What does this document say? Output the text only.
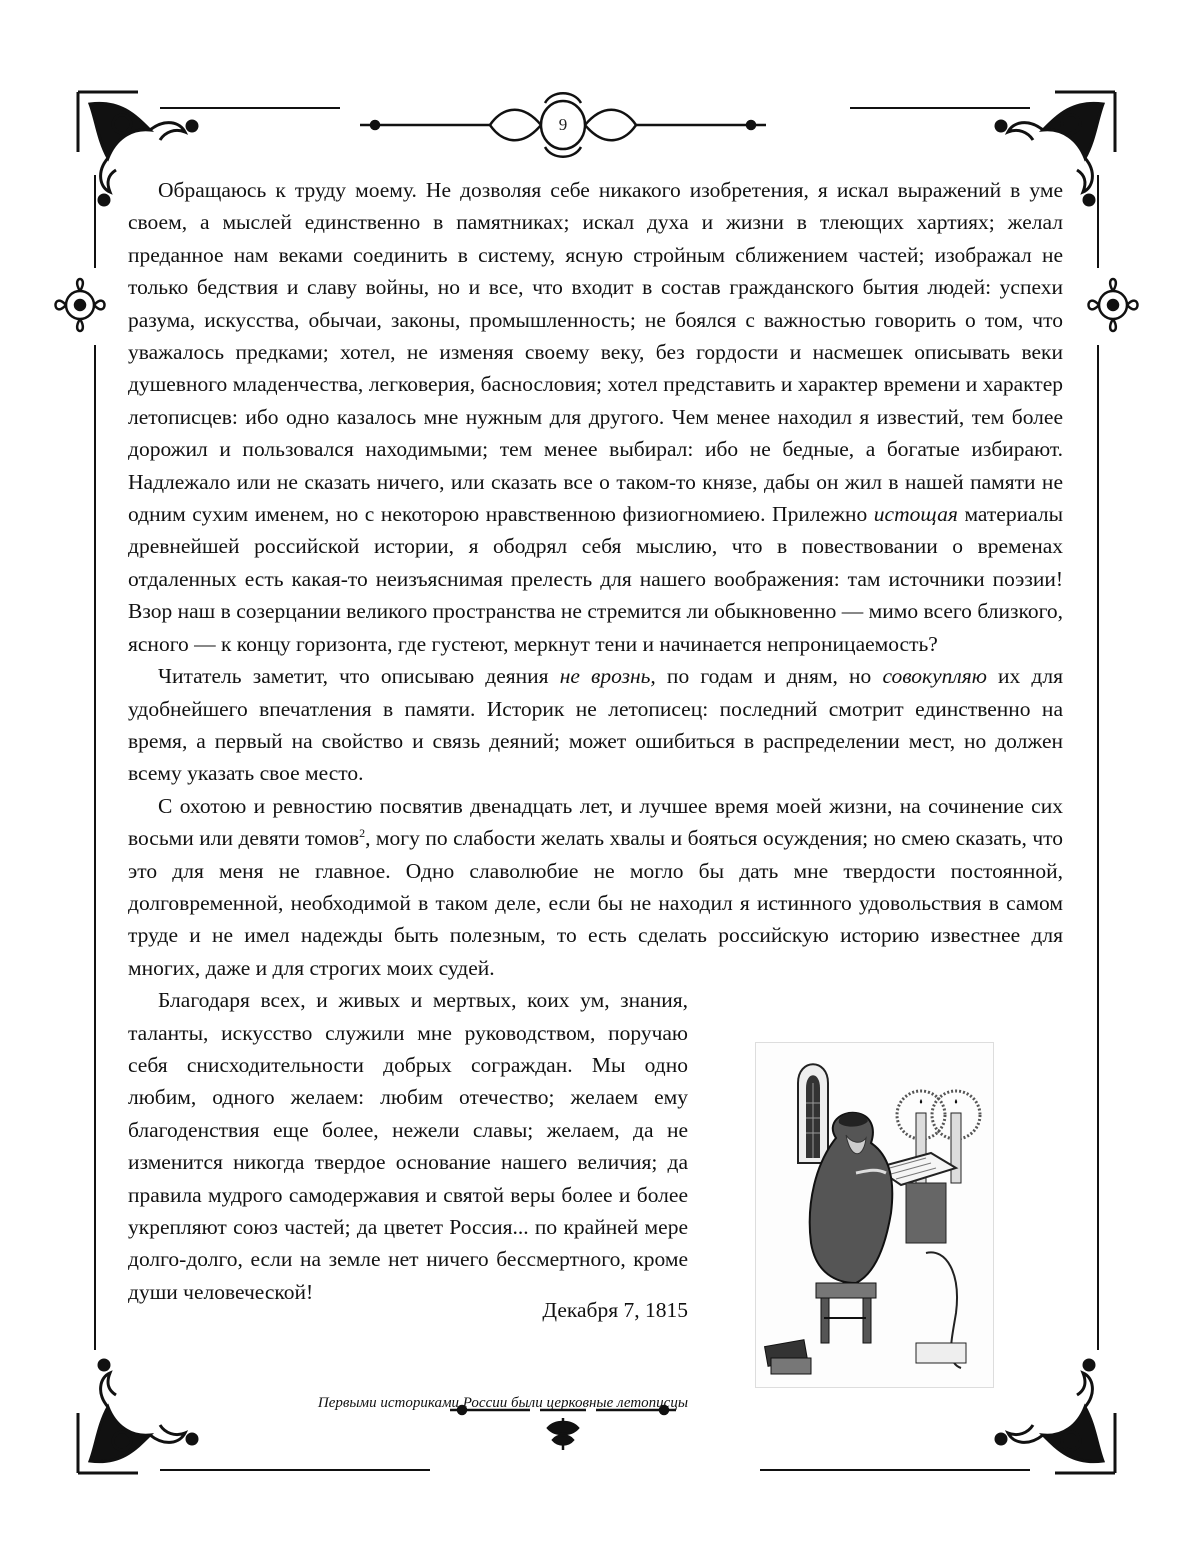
9

Обращаюсь к труду моему. Не дозволяя себе никакого изобретения, я искал выражений в уме своем, а мыслей единственно в памятниках; искал духа и жизни в тлеющих хартиях; желал преданное нам веками соединить в систему, ясную стройным сближением частей; изображал не только бедствия и славу войны, но и все, что входит в состав гражданского бытия людей: успехи разума, искусства, обычаи, законы, промышленность; не боялся с важностью говорить о том, что уважалось предками; хотел, не изменяя своему веку, без гордости и насмешек описывать веки душевного младенчества, легковерия, баснословия; хотел представить и характер времени и характер летописцев: ибо одно казалось мне нужным для другого. Чем менее находил я известий, тем более дорожил и пользовался находимыми; тем менее выбирал: ибо не бедные, а богатые избирают. Надлежало или не сказать ничего, или сказать все о таком-то князе, дабы он жил в нашей памяти не одним сухим именем, но с некоторою нравственною физиогномиею. Прилежно истощая материалы древнейшей российской истории, я ободрял себя мыслию, что в повествовании о временах отдаленных есть какая-то неизъяснимая прелесть для нашего воображения: там источники поэзии! Взор наш в созерцании великого пространства не стремится ли обыкновенно — мимо всего близкого, ясного — к концу горизонта, где густеют, меркнут тени и начинается непроницаемость?

Читатель заметит, что описываю деяния не врознь, по годам и дням, но совокупляю их для удобнейшего впечатления в памяти. Историк не летописец: последний смотрит единственно на время, а первый на свойство и связь деяний; может ошибиться в распределении мест, но должен всему указать свое место.

С охотою и ревностию посвятив двенадцать лет, и лучшее время моей жизни, на сочинение сих восьми или девяти томов$^2$, могу по слабости желать хвалы и бояться осуждения; но смею сказать, что это для меня не главное. Одно славолюбие не могло бы дать мне твердости постоянной, долговременной, необходимой в таком деле, если бы не находил я истинного удовольствия в самом труде и не имел надежды быть полезным, то есть сделать российскую историю известнее для многих, даже и для строгих моих судей.

Благодаря всех, и живых и мертвых, коих ум, знания, таланты, искусство служили мне руководством, поручаю себя снисходительности добрых сограждан. Мы одно любим, одного желаем: любим отечество; желаем ему благоденствия еще более, нежели славы; желаем, да не изменится никогда твердое основание нашего величия; да правила мудрого самодержавия и святой веры более и более укрепляют союз частей; да цветет Россия... по крайней мере долго-долго, если на земле нет ничего бессмертного, кроме души человеческой!

Декабря 7, 1815
Первыми историками России были церковные летописцы
